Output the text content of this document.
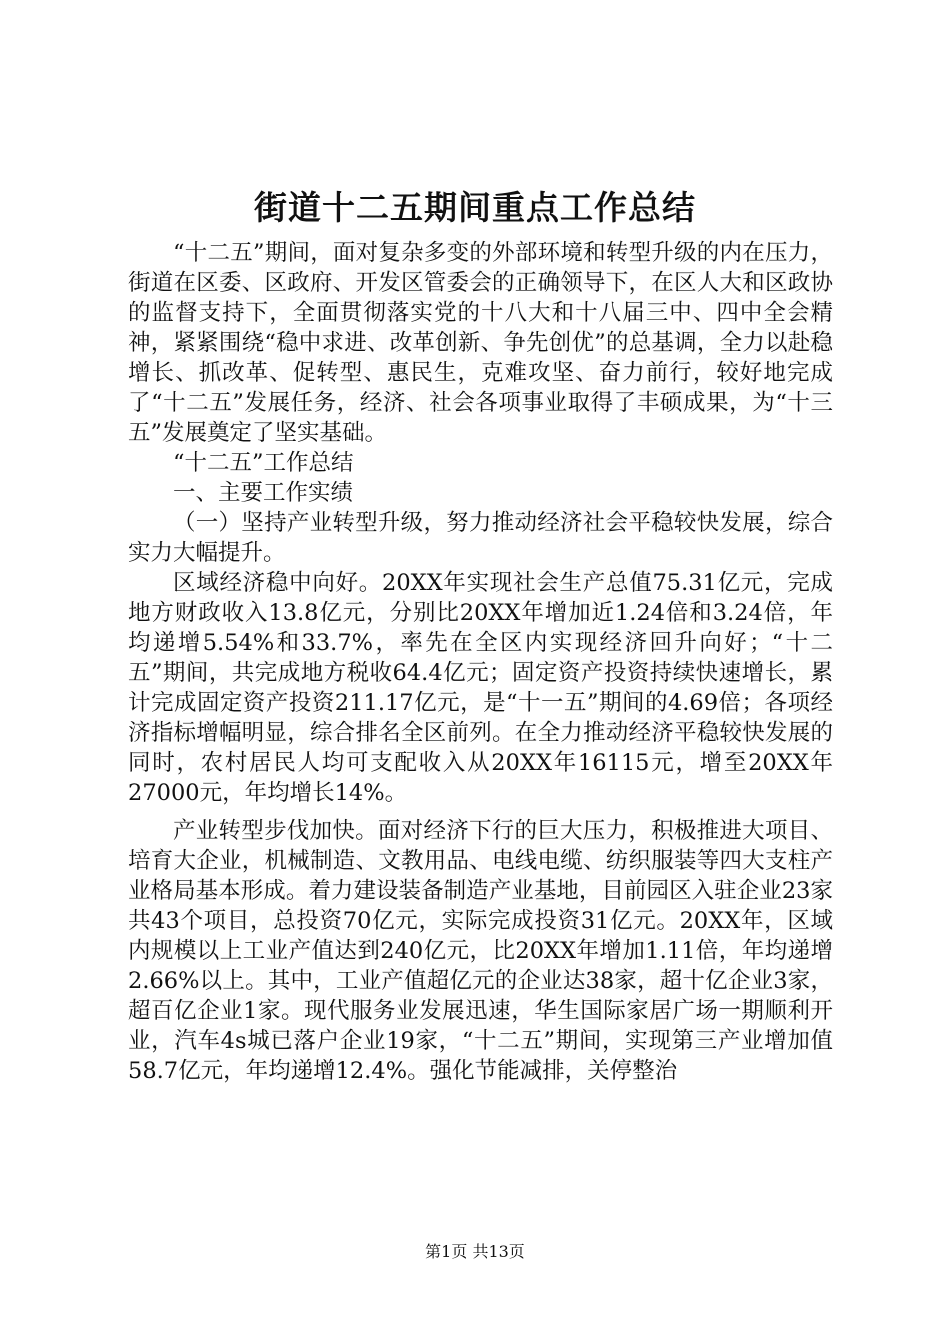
街道十二五期间重点工作总结

“十二五”期间，面对复杂多变的外部环境和转型升级的内在压力，街道在区委、区政府、开发区管委会的正确领导下，在区人大和区政协的监督支持下，全面贯彻落实党的十八大和十八届三中、四中全会精神，紧紧围绕“稳中求进、改革创新、争先创优”的总基调，全力以赴稳增长、抓改革、促转型、惠民生，克难攻坚、奋力前行，较好地完成了“十二五”发展任务，经济、社会各项事业取得了丰硕成果，为“十三五”发展奠定了坚实基础。

“十二五”工作总结

一、主要工作实绩

（一）坚持产业转型升级，努力推动经济社会平稳较快发展，综合实力大幅提升。

区域经济稳中向好。20XX年实现社会生产总值75.31亿元，完成地方财政收入13.8亿元，分别比20XX年增加近1.24倍和3.24倍，年均递增5.54%和33.7%，率先在全区内实现经济回升向好；“十二五”期间，共完成地方税收64.4亿元；固定资产投资持续快速增长，累计完成固定资产投资211.17亿元，是“十一五”期间的4.69倍；各项经济指标增幅明显，综合排名全区前列。在全力推动经济平稳较快发展的同时，农村居民人均可支配收入从20XX年16115元，增至20XX年27000元，年均增长14%。

产业转型步伐加快。面对经济下行的巨大压力，积极推进大项目、培育大企业，机械制造、文教用品、电线电缆、纺织服装等四大支柱产业格局基本形成。着力建设装备制造产业基地，目前园区入驻企业23家共43个项目，总投资70亿元，实际完成投资31亿元。20XX年，区域内规模以上工业产值达到240亿元，比20XX年增加1.11倍，年均递增2.66%以上。其中，工业产值超亿元的企业达38家，超十亿企业3家，超百亿企业1家。现代服务业发展迅速，华生国际家居广场一期顺利开业，汽车4s城已落户企业19家，“十二五”期间，实现第三产业增加值58.7亿元，年均递增12.4%。强化节能减排，关停整治

第1页 共13页
